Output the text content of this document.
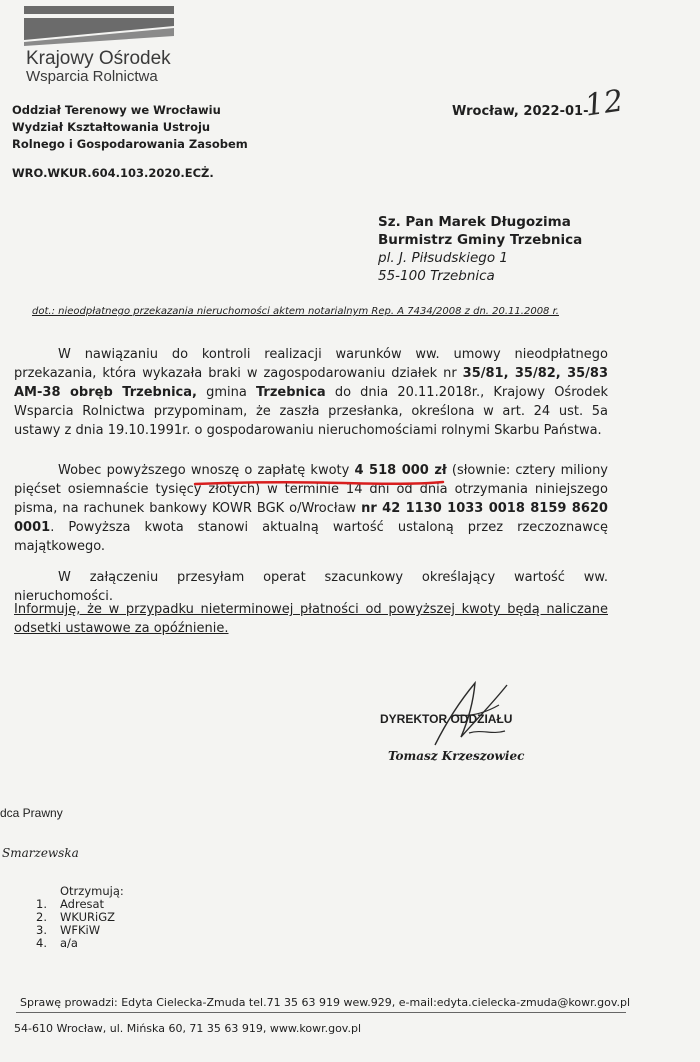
Krajowy Ośrodek
Wsparcia Rolnictwa
Oddział Terenowy we Wrocławiu
Wydział Kształtowania Ustroju
Rolnego i Gospodarowania Zasobem
Wrocław, 2022-01-
12
WRO.WKUR.604.103.2020.ECŻ.
Sz. Pan Marek Długozima
Burmistrz Gminy Trzebnica
pl. J. Piłsudskiego 1
55-100 Trzebnica
dot.: nieodpłatnego przekazania nieruchomości aktem notarialnym Rep. A 7434/2008 z dn. 20.11.2008 r.
W nawiązaniu do kontroli realizacji warunków ww. umowy nieodpłatnego przekazania, która wykazała braki w zagospodarowaniu działek nr 35/81, 35/82, 35/83 AM-38 obręb Trzebnica, gmina Trzebnica do dnia 20.11.2018r., Krajowy Ośrodek Wsparcia Rolnictwa przypominam, że zaszła przesłanka, określona w art. 24 ust. 5a ustawy z dnia 19.10.1991r. o gospodarowaniu nieruchomościami rolnymi Skarbu Państwa.
Wobec powyższego wnoszę o zapłatę kwoty 4 518 000 zł (słownie: cztery miliony pięćset osiemnaście tysięcy złotych) w terminie 14 dni od dnia otrzymania niniejszego pisma, na rachunek bankowy KOWR BGK o/Wrocław nr 42 1130 1033 0018 8159 8620 0001. Powyższa kwota stanowi aktualną wartość ustaloną przez rzeczoznawcę majątkowego.
W załączeniu przesyłam operat szacunkowy określający wartość ww. nieruchomości.
Informuję, że w przypadku nieterminowej płatności od powyższej kwoty będą naliczane odsetki ustawowe za opóźnienie.
DYREKTOR ODDZIAŁU
Tomasz Krzeszowiec
dca Prawny
Smarzewska
Otrzymują:
1. Adresat
2. WKURiGZ
3. WFKiW
4. a/a
Sprawę prowadzi: Edyta Cielecka-Zmuda tel.71 35 63 919 wew.929, e-mail:edyta.cielecka-zmuda@kowr.gov.pl
54-610 Wrocław, ul. Mińska 60, 71 35 63 919, www.kowr.gov.pl
